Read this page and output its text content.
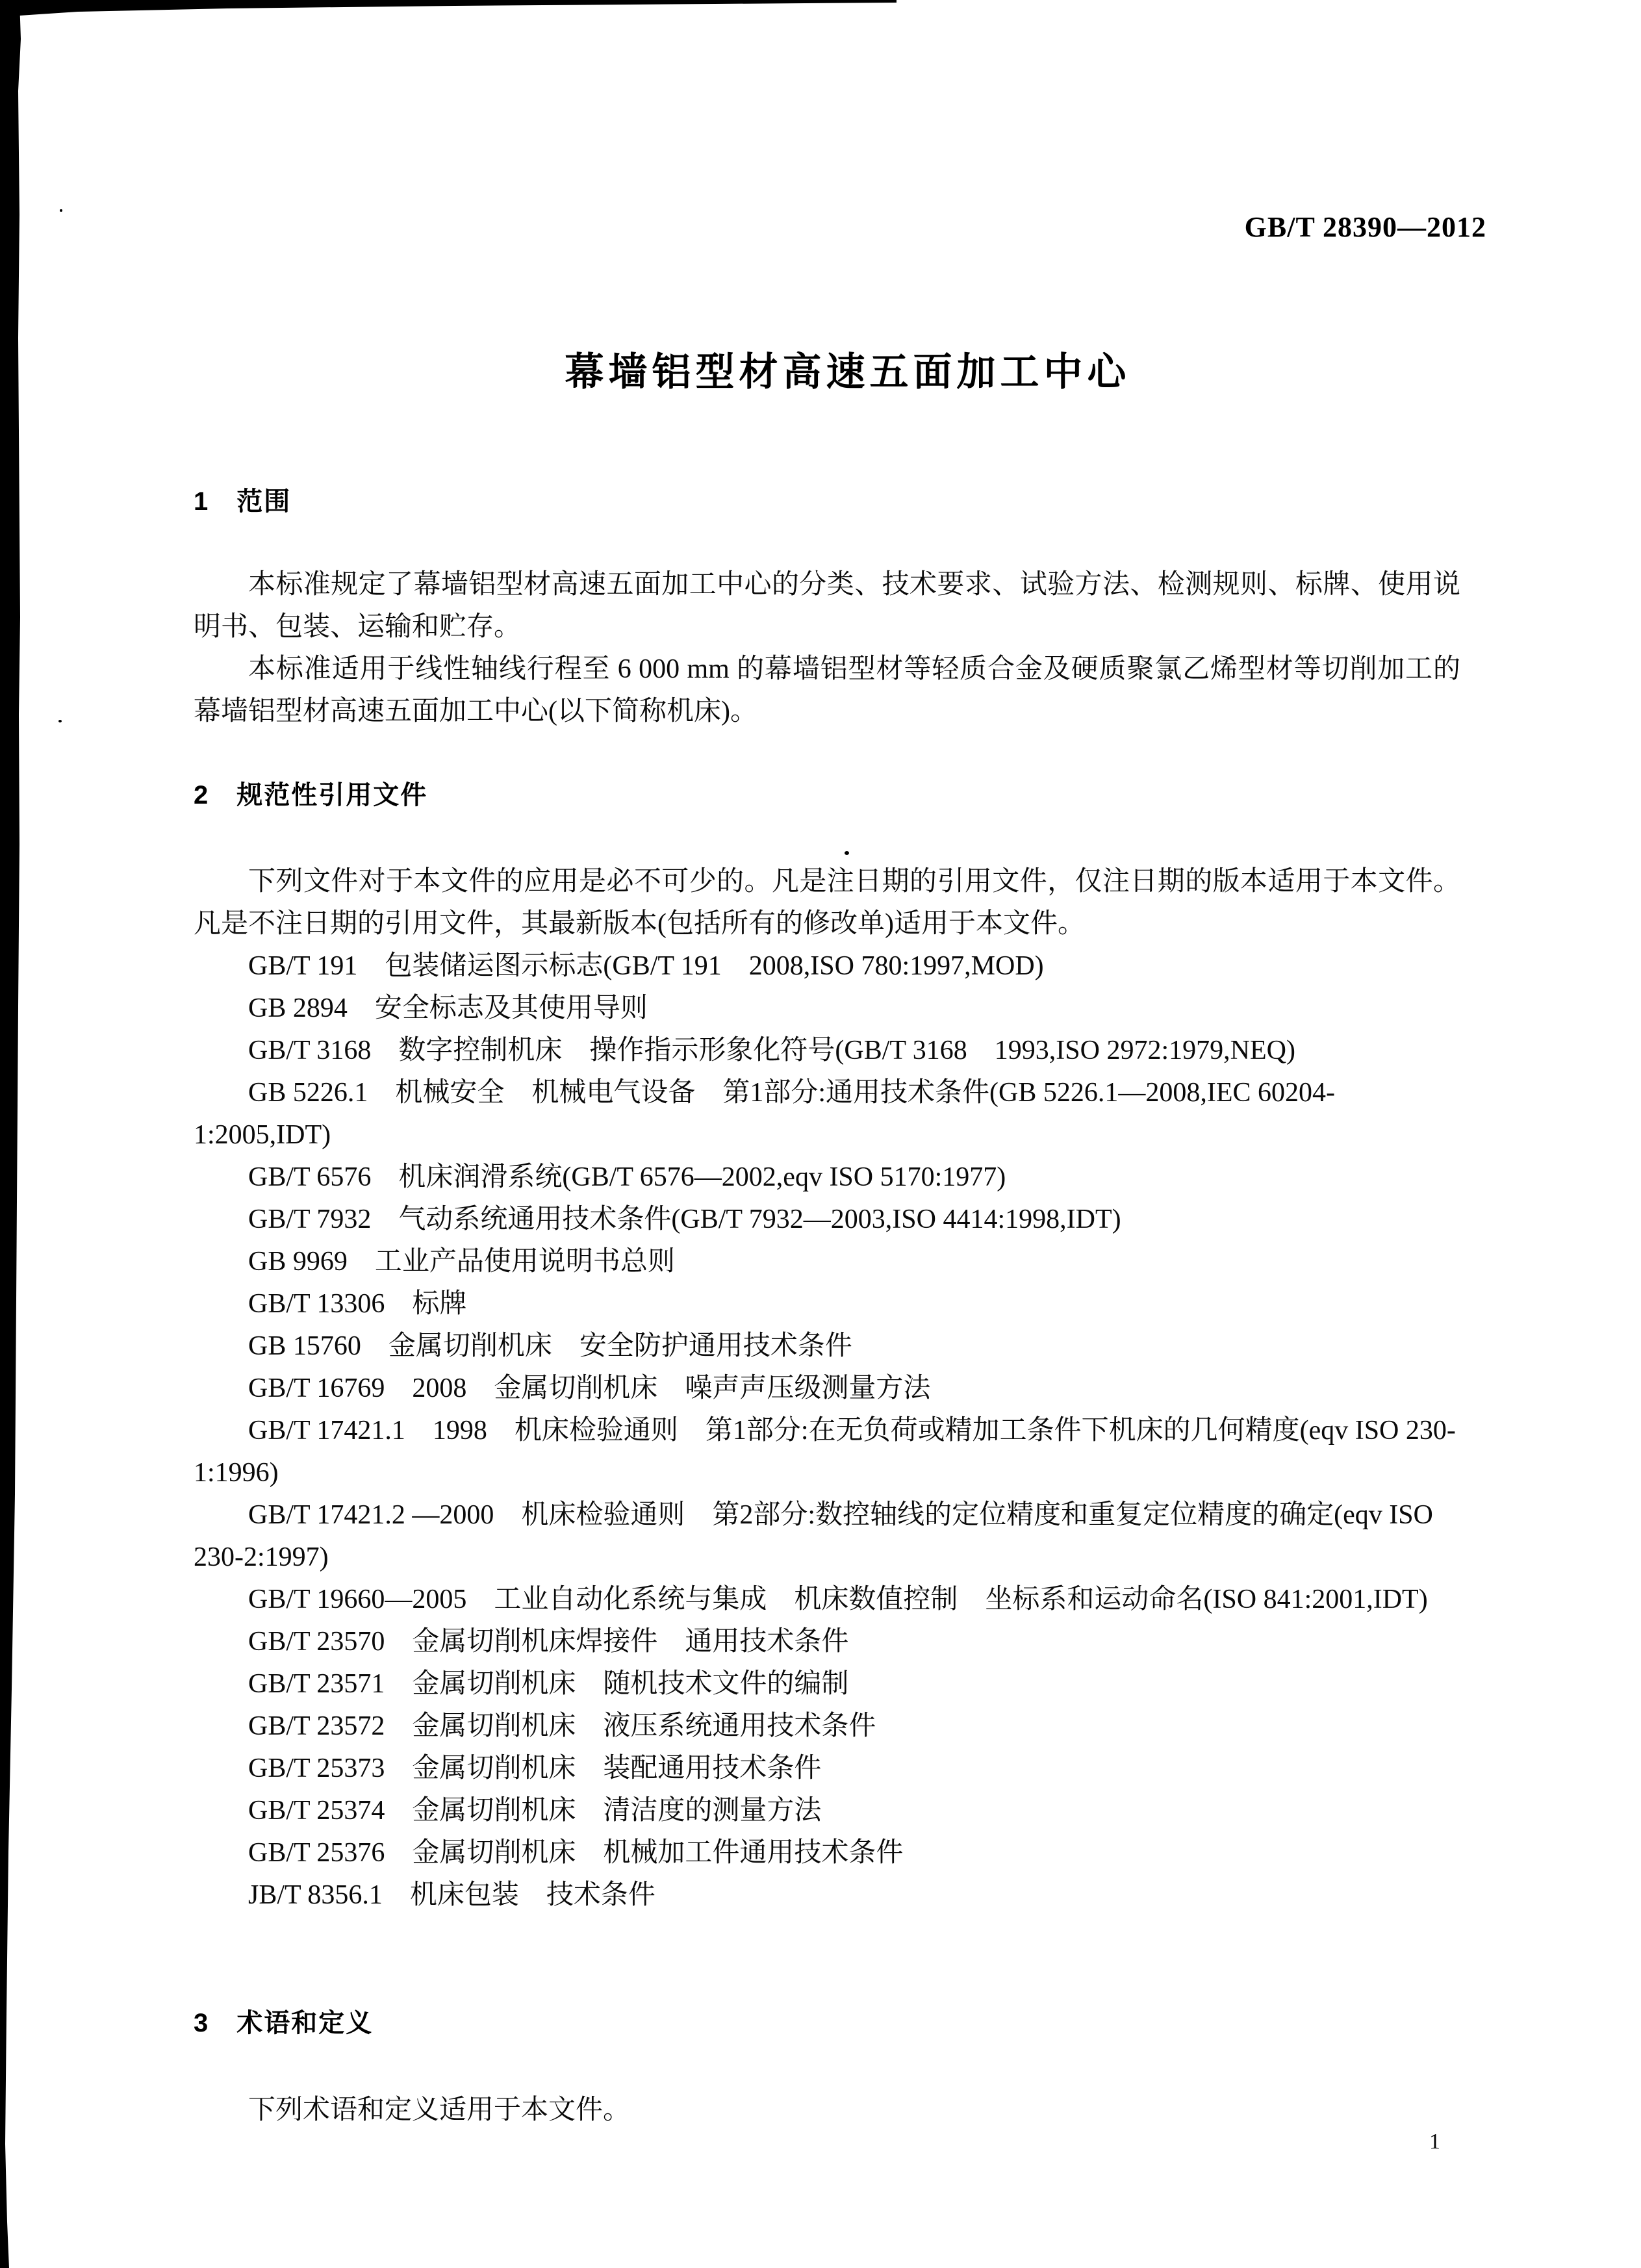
GB/T 28390—2012
幕墙铝型材高速五面加工中心
1　范围

本标准规定了幕墙铝型材高速五面加工中心的分类、技术要求、试验方法、检测规则、标牌、使用说明书、包装、运输和贮存。

本标准适用于线性轴线行程至 6 000 mm 的幕墙铝型材等轻质合金及硬质聚氯乙烯型材等切削加工的幕墙铝型材高速五面加工中心(以下简称机床)。

2　规范性引用文件

下列文件对于本文件的应用是必不可少的。凡是注日期的引用文件，仅注日期的版本适用于本文件。凡是不注日期的引用文件，其最新版本(包括所有的修改单)适用于本文件。

GB/T 191　包装储运图示标志(GB/T 191　2008,ISO 780:1997,MOD)
GB 2894　安全标志及其使用导则
GB/T 3168　数字控制机床　操作指示形象化符号(GB/T 3168　1993,ISO 2972:1979,NEQ)
GB 5226.1　机械安全　机械电气设备　第1部分:通用技术条件(GB 5226.1—2008,IEC 60204-1:2005,IDT)
GB/T 6576　机床润滑系统(GB/T 6576—2002,eqv ISO 5170:1977)
GB/T 7932　气动系统通用技术条件(GB/T 7932—2003,ISO 4414:1998,IDT)
GB 9969　工业产品使用说明书总则
GB/T 13306　标牌
GB 15760　金属切削机床　安全防护通用技术条件
GB/T 16769　2008　金属切削机床　噪声声压级测量方法
GB/T 17421.1　1998　机床检验通则　第1部分:在无负荷或精加工条件下机床的几何精度(eqv ISO 230-1:1996)
GB/T 17421.2 —2000　机床检验通则　第2部分:数控轴线的定位精度和重复定位精度的确定(eqv ISO 230-2:1997)
GB/T 19660—2005　工业自动化系统与集成　机床数值控制　坐标系和运动命名(ISO 841:2001,IDT)
GB/T 23570　金属切削机床焊接件　通用技术条件
GB/T 23571　金属切削机床　随机技术文件的编制
GB/T 23572　金属切削机床　液压系统通用技术条件
GB/T 25373　金属切削机床　装配通用技术条件
GB/T 25374　金属切削机床　清洁度的测量方法
GB/T 25376　金属切削机床　机械加工件通用技术条件
JB/T 8356.1　机床包装　技术条件
3　术语和定义

下列术语和定义适用于本文件。

1
